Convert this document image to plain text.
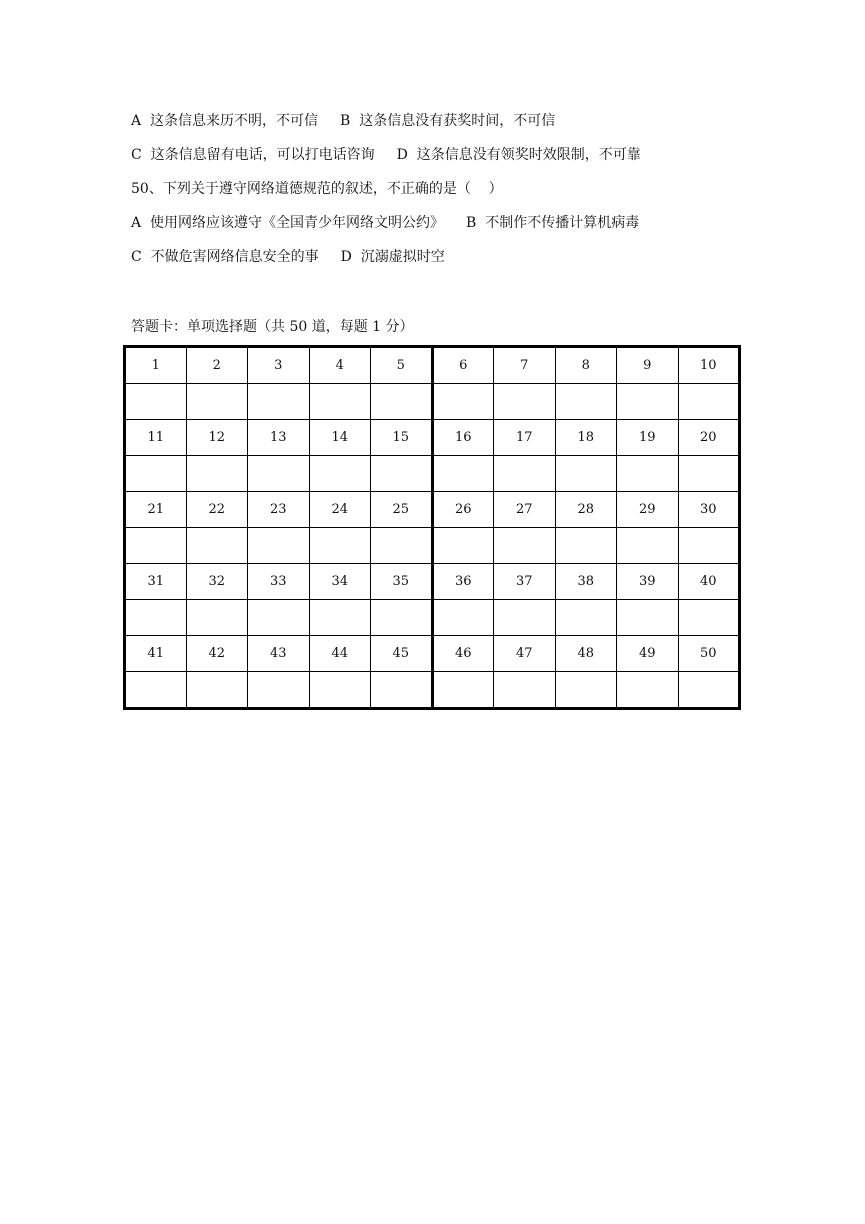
A  这条信息来历不明，不可信 B  这条信息没有获奖时间，不可信
C  这条信息留有电话，可以打电话咨询 D  这条信息没有领奖时效限制，不可靠
50、下列关于遵守网络道德规范的叙述，不正确的是（    ）
A  使用网络应该遵守《全国青少年网络文明公约》 B  不制作不传播计算机病毒
C  不做危害网络信息安全的事 D  沉溺虚拟时空
答题卡：单项选择题（共 50 道，每题 1 分）
1	2	3	4	5	6	7	8	9	10

11	12	13	14	15	16	17	18	19	20

21	22	23	24	25	26	27	28	29	30

31	32	33	34	35	36	37	38	39	40

41	42	43	44	45	46	47	48	49	50
